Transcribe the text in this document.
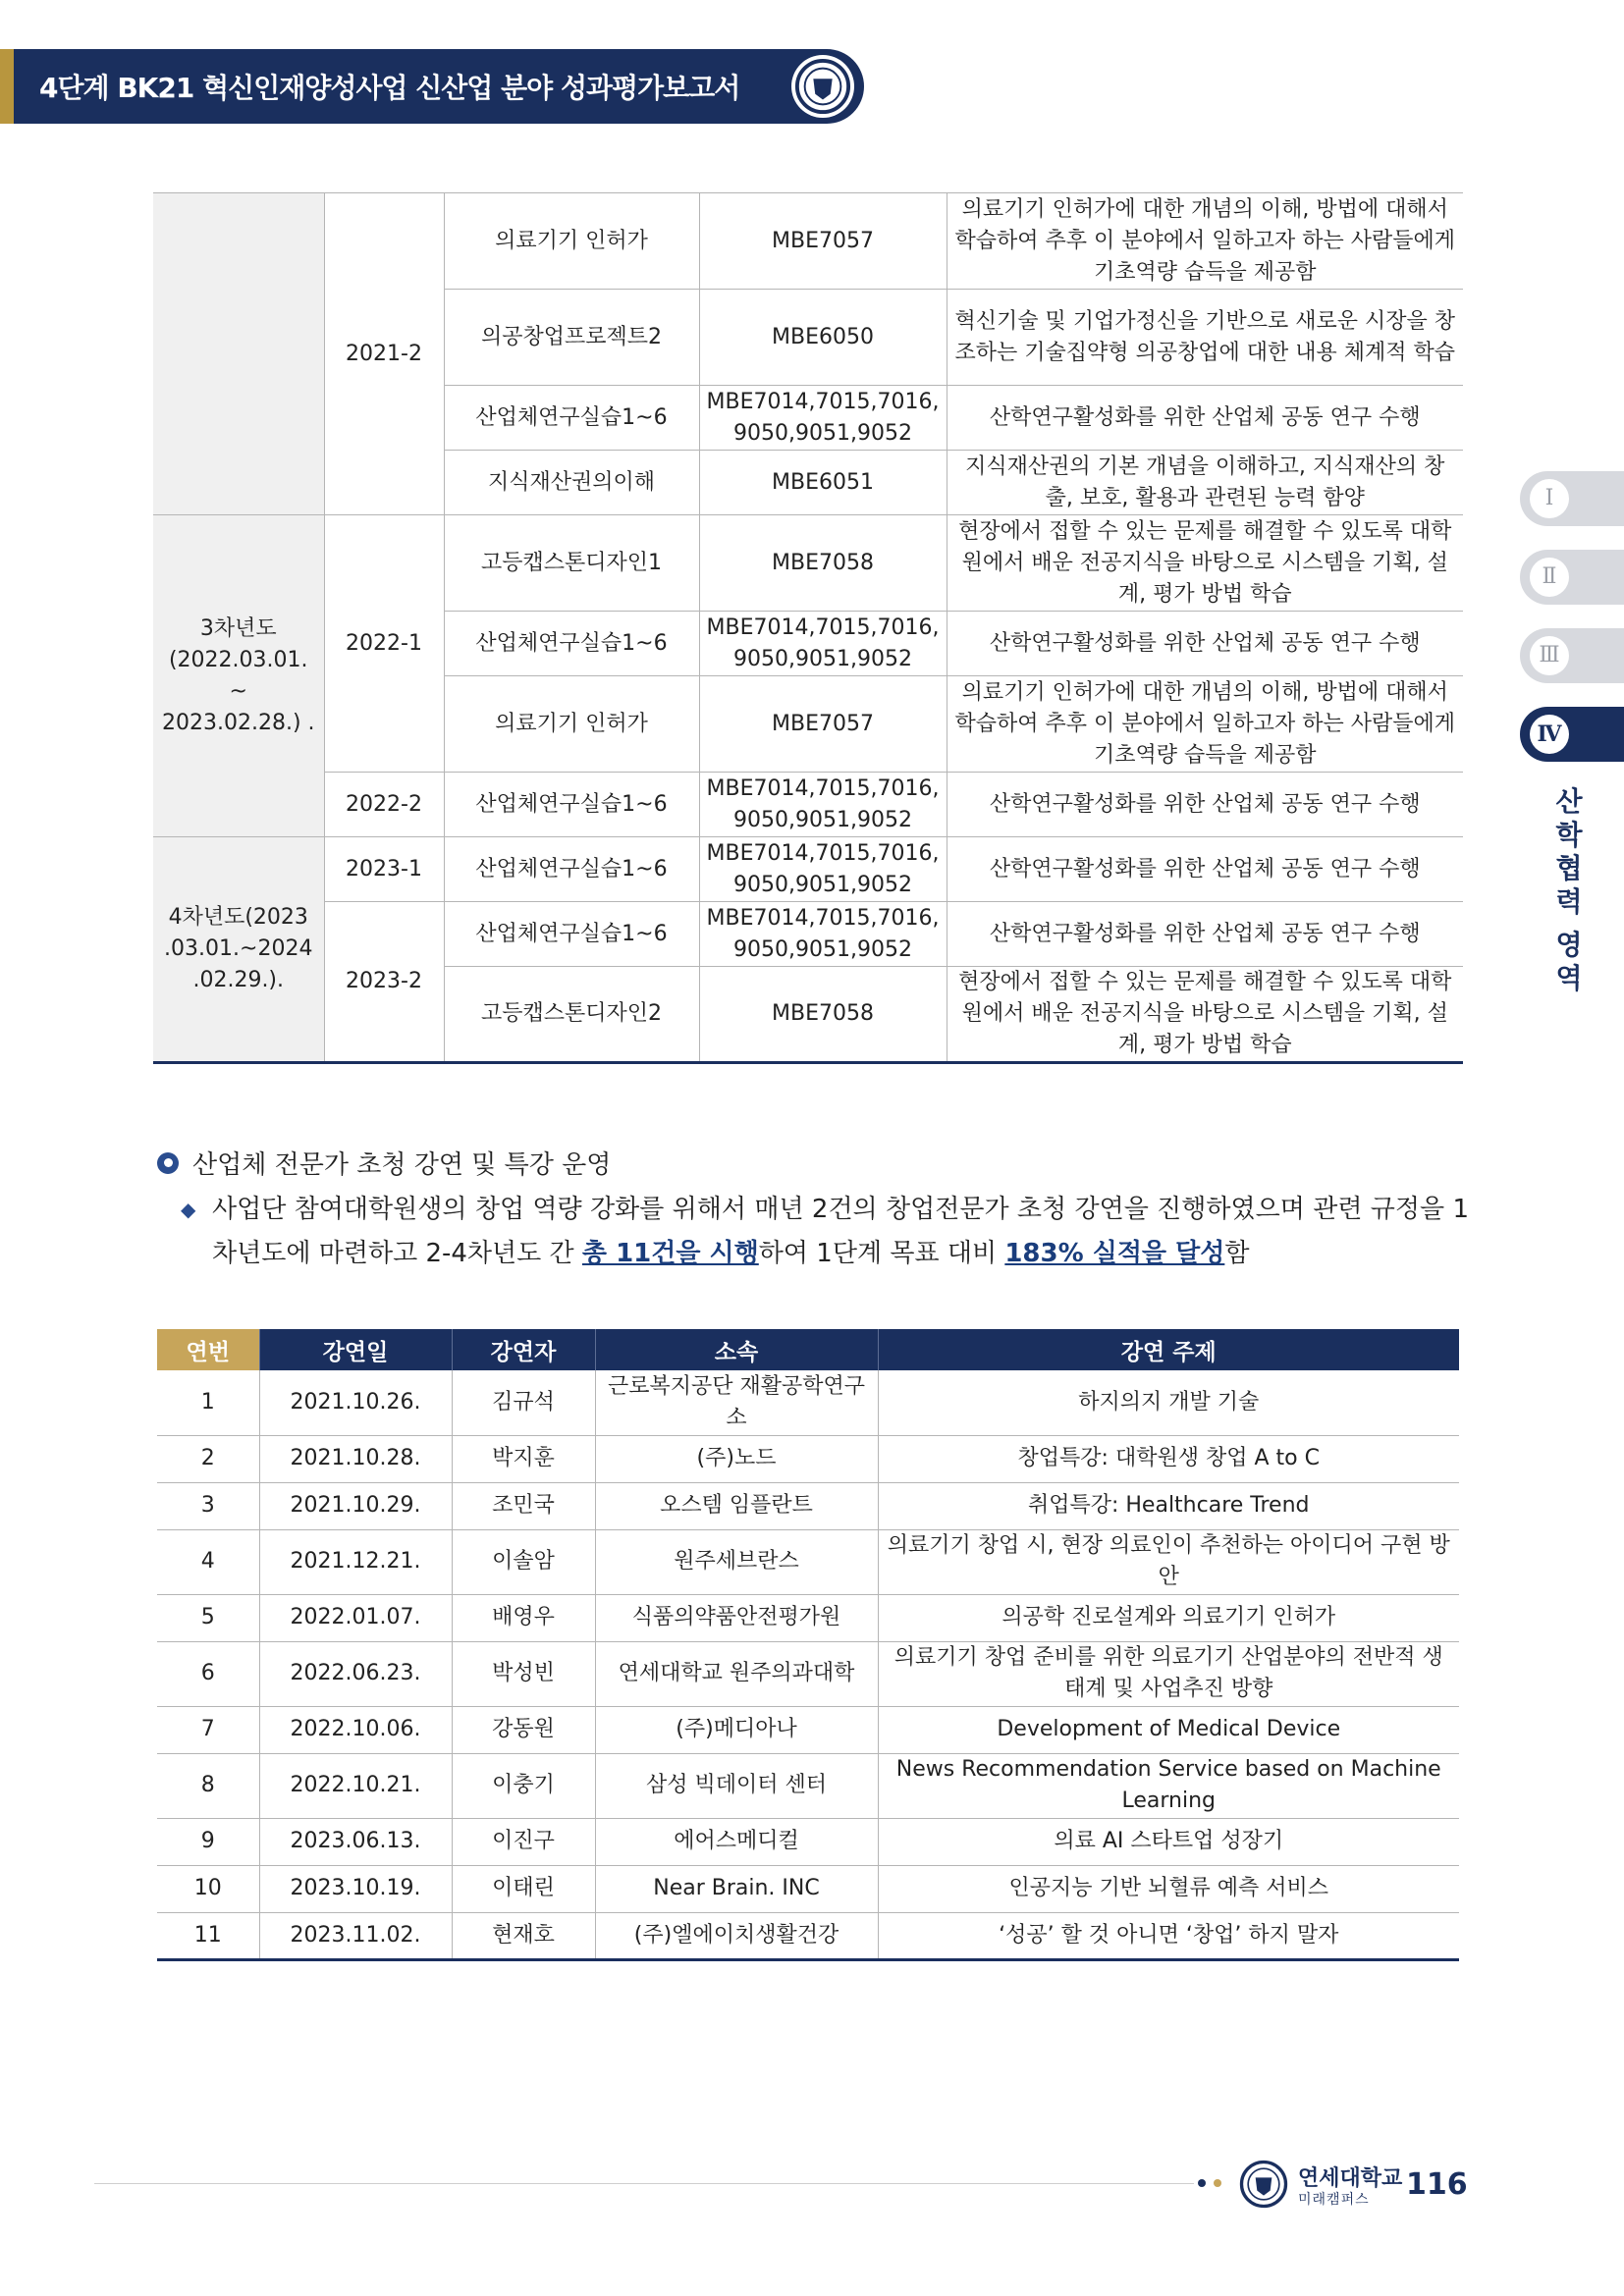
4단계 BK21 혁신인재양성사업 신산업 분야 성과평가보고서
Ⅰ
Ⅱ
Ⅲ
Ⅳ
산
학
협
력
영
역
	2021-2	의료기기 인허가	MBE7057	의료기기 인허가에 대한 개념의 이해, 방법에 대해서 학습하여 추후 이 분야에서 일하고자 하는 사람들에게 기초역량 습득을 제공함
		의공창업프로젝트2	MBE6050	혁신기술 및 기업가정신을 기반으로 새로운 시장을 창조하는 기술집약형 의공창업에 대한 내용 체계적 학습
		산업체연구실습1~6	MBE7014,7015,7016, 9050,9051,9052	산학연구활성화를 위한 산업체 공동 연구 수행
		지식재산권의이해	MBE6051	지식재산권의 기본 개념을 이해하고, 지식재산의 창출, 보호, 활용과 관련된 능력 함양
3차년도 (2022.03.01. ~ 2023.02.28.) .	2022-1	고등캡스톤디자인1	MBE7058	현장에서 접할 수 있는 문제를 해결할 수 있도록 대학원에서 배운 전공지식을 바탕으로 시스템을 기획, 설계, 평가 방법 학습
		산업체연구실습1~6	MBE7014,7015,7016, 9050,9051,9052	산학연구활성화를 위한 산업체 공동 연구 수행
		의료기기 인허가	MBE7057	의료기기 인허가에 대한 개념의 이해, 방법에 대해서 학습하여 추후 이 분야에서 일하고자 하는 사람들에게 기초역량 습득을 제공함
	2022-2	산업체연구실습1~6	MBE7014,7015,7016, 9050,9051,9052	산학연구활성화를 위한 산업체 공동 연구 수행
4차년도(2023 .03.01.~2024 .02.29.).	2023-1	산업체연구실습1~6	MBE7014,7015,7016, 9050,9051,9052	산학연구활성화를 위한 산업체 공동 연구 수행
	2023-2	산업체연구실습1~6	MBE7014,7015,7016, 9050,9051,9052	산학연구활성화를 위한 산업체 공동 연구 수행
		고등캡스톤디자인2	MBE7058	현장에서 접할 수 있는 문제를 해결할 수 있도록 대학원에서 배운 전공지식을 바탕으로 시스템을 기획, 설계, 평가 방법 학습
산업체 전문가 초청 강연 및 특강 운영
◆ 사업단 참여대학원생의 창업 역량 강화를 위해서 매년 2건의 창업전문가 초청 강연을 진행하였으며 관련 규정을 1차년도에 마련하고 2-4차년도 간 총 11건을 시행하여 1단계 목표 대비 183% 실적을 달성함
연번	강연일	강연자	소속	강연 주제
1	2021.10.26.	김규석	근로복지공단 재활공학연구소	하지의지 개발 기술
2	2021.10.28.	박지훈	(주)노드	창업특강: 대학원생 창업 A to C
3	2021.10.29.	조민국	오스템 임플란트	취업특강: Healthcare Trend
4	2021.12.21.	이솔암	원주세브란스	의료기기 창업 시, 현장 의료인이 추천하는 아이디어 구현 방안
5	2022.01.07.	배영우	식품의약품안전평가원	의공학 진로설계와 의료기기 인허가
6	2022.06.23.	박성빈	연세대학교 원주의과대학	의료기기 창업 준비를 위한 의료기기 산업분야의 전반적 생태계 및 사업추진 방향
7	2022.10.06.	강동원	(주)메디아나	Development of Medical Device
8	2022.10.21.	이충기	삼성 빅데이터 센터	News Recommendation Service based on Machine Learning
9	2023.06.13.	이진구	에어스메디컬	의료 AI 스타트업 성장기
10	2023.10.19.	이태린	Near Brain. INC	인공지능 기반 뇌혈류 예측 서비스
11	2023.11.02.	현재호	(주)엘에이치생활건강	‘성공’ 할 것 아니면 ‘창업’ 하지 말자
연세대학교
미래캠퍼스 116
